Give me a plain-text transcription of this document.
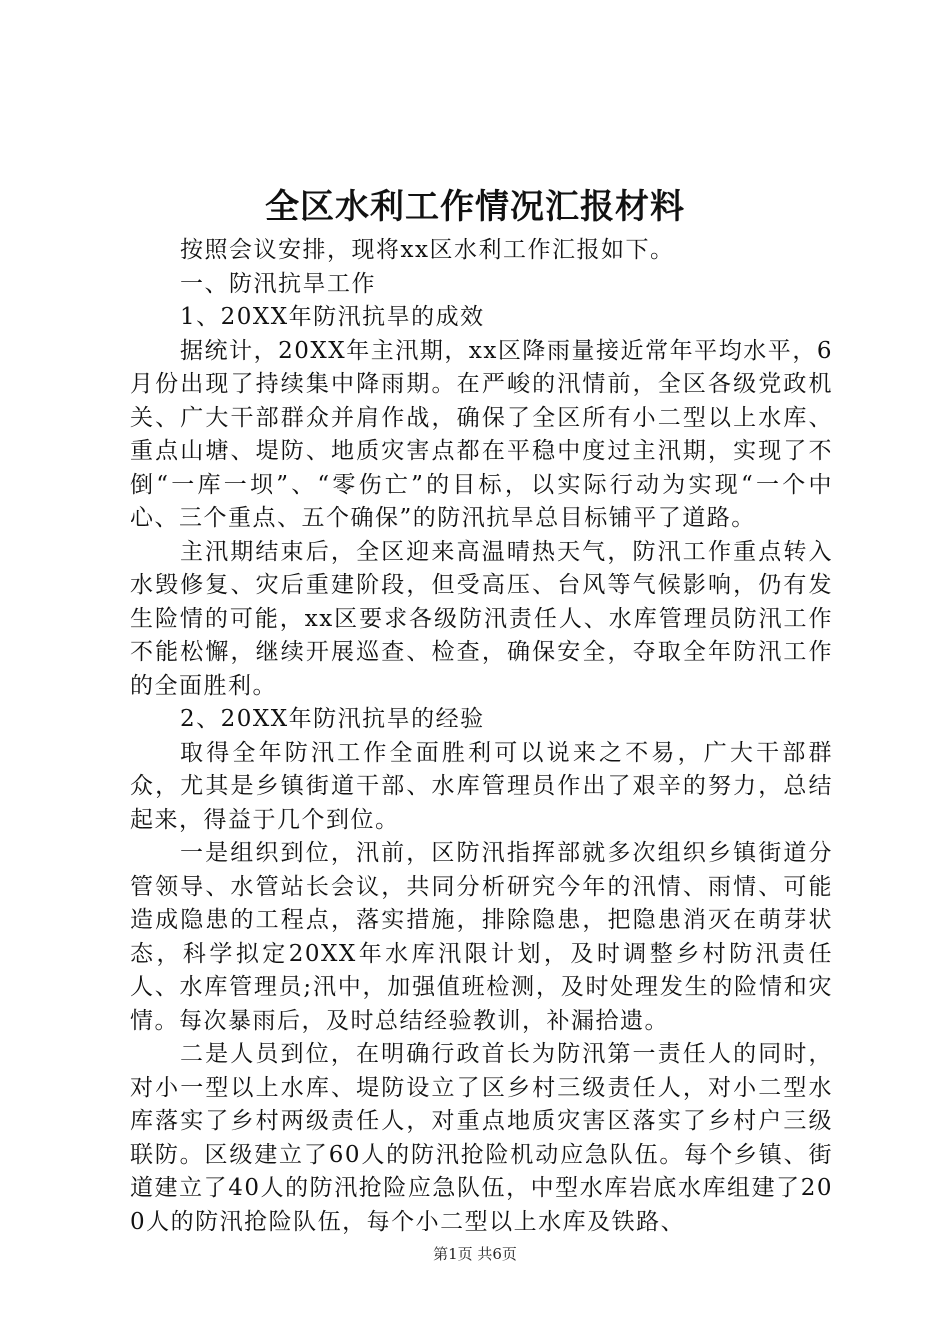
全区水利工作情况汇报材料

按照会议安排，现将xx区水利工作汇报如下。

一、防汛抗旱工作

1、20XX年防汛抗旱的成效

据统计，20XX年主汛期，xx区降雨量接近常年平均水平，6月份出现了持续集中降雨期。在严峻的汛情前，全区各级党政机关、广大干部群众并肩作战，确保了全区所有小二型以上水库、重点山塘、堤防、地质灾害点都在平稳中度过主汛期，实现了不倒“一库一坝”、“零伤亡”的目标，以实际行动为实现“一个中心、三个重点、五个确保”的防汛抗旱总目标铺平了道路。

主汛期结束后，全区迎来高温晴热天气，防汛工作重点转入水毁修复、灾后重建阶段，但受高压、台风等气候影响，仍有发生险情的可能，xx区要求各级防汛责任人、水库管理员防汛工作不能松懈，继续开展巡查、检查，确保安全，夺取全年防汛工作的全面胜利。

2、20XX年防汛抗旱的经验

取得全年防汛工作全面胜利可以说来之不易，广大干部群众，尤其是乡镇街道干部、水库管理员作出了艰辛的努力，总结起来，得益于几个到位。

一是组织到位，汛前，区防汛指挥部就多次组织乡镇街道分管领导、水管站长会议，共同分析研究今年的汛情、雨情、可能造成隐患的工程点，落实措施，排除隐患，把隐患消灭在萌芽状态，科学拟定20XX年水库汛限计划，及时调整乡村防汛责任人、水库管理员;汛中，加强值班检测，及时处理发生的险情和灾情。每次暴雨后，及时总结经验教训，补漏拾遗。

二是人员到位，在明确行政首长为防汛第一责任人的同时，对小一型以上水库、堤防设立了区乡村三级责任人，对小二型水库落实了乡村两级责任人，对重点地质灾害区落实了乡村户三级联防。区级建立了60人的防汛抢险机动应急队伍。每个乡镇、街道建立了40人的防汛抢险应急队伍，中型水库岩底水库组建了200人的防汛抢险队伍，每个小二型以上水库及铁路、

第1页 共6页
